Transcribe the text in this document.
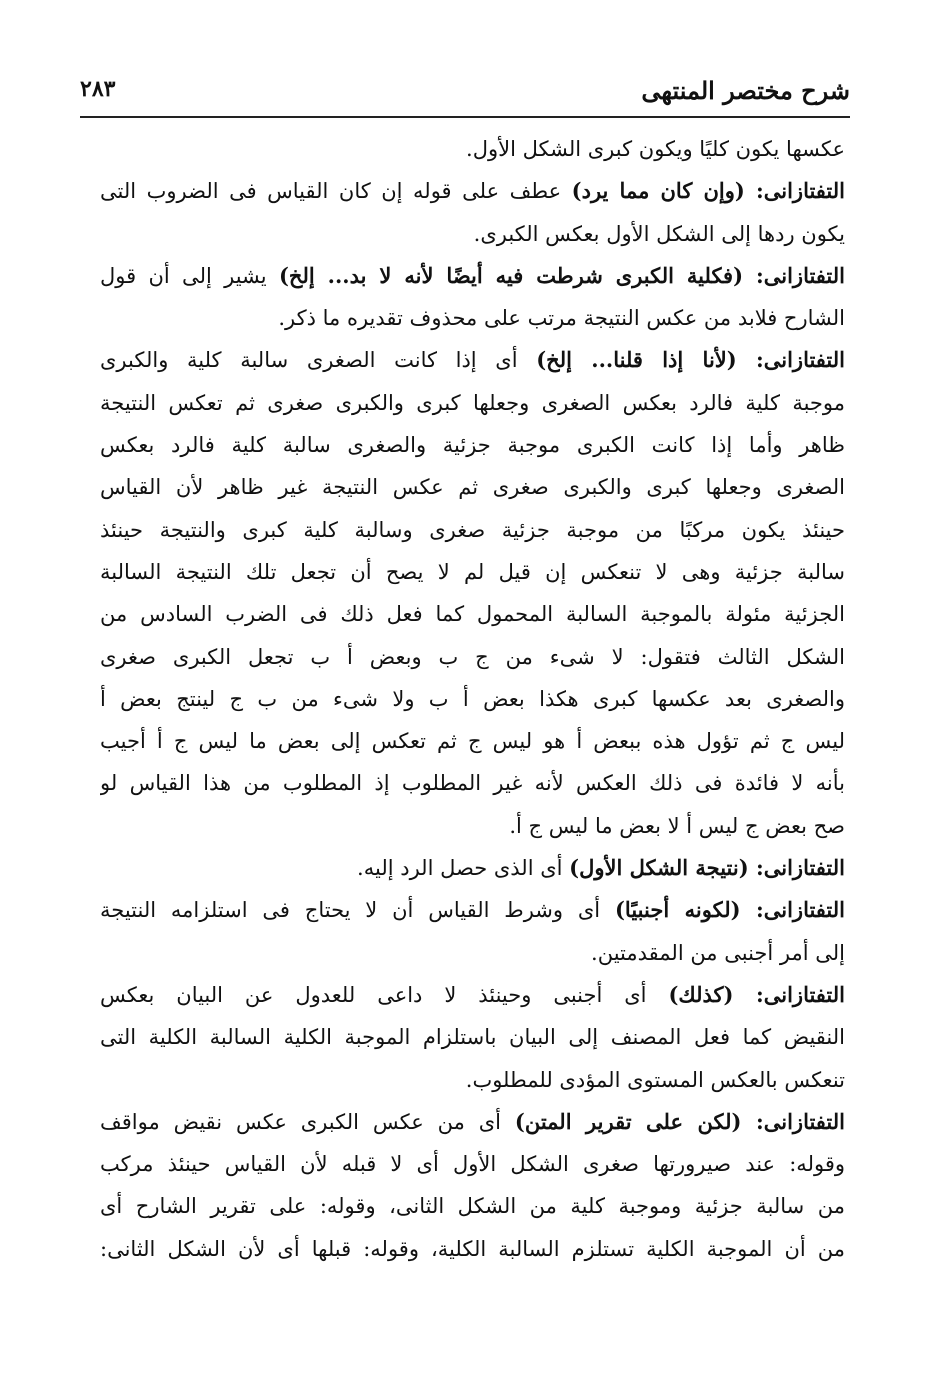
شرح مختصر المنتهى
٢٨٣
عكسها يكون كليًا ويكون كبرى الشكل الأول.
التفتازانى: (وإن كان مما يرد) عطف على قوله إن كان القياس فى الضروب التى
يكون ردها إلى الشكل الأول بعكس الكبرى.
التفتازانى: (فكلية الكبرى شرطت فيه أيضًا لأنه لا بد... إلخ) يشير إلى أن قول
الشارح فلابد من عكس النتيجة مرتب على محذوف تقديره ما ذكر.
التفتازانى: (لأنا إذا قلنا... إلخ) أى إذا كانت الصغرى سالبة كلية والكبرى
موجبة كلية فالرد بعكس الصغرى وجعلها كبرى والكبرى صغرى ثم تعكس النتيجة
ظاهر وأما إذا كانت الكبرى موجبة جزئية والصغرى سالبة كلية فالرد بعكس
الصغرى وجعلها كبرى والكبرى صغرى ثم عكس النتيجة غير ظاهر لأن القياس
حينئذ يكون مركبًا من موجبة جزئية صغرى وسالبة كلية كبرى والنتيجة حينئذ
سالبة جزئية وهى لا تنعكس إن قيل لم لا يصح أن تجعل تلك النتيجة السالبة
الجزئية مئولة بالموجبة السالبة المحمول كما فعل ذلك فى الضرب السادس من
الشكل الثالث فتقول: لا شىء من ج ب وبعض أ ب تجعل الكبرى صغرى
والصغرى بعد عكسها كبرى هكذا بعض أ ب ولا شىء من ب ج لينتج بعض أ
ليس ج ثم تؤول هذه ببعض أ هو ليس ج ثم تعكس إلى بعض ما ليس ج أ أجيب
بأنه لا فائدة فى ذلك العكس لأنه غير المطلوب إذ المطلوب من هذا القياس لو
صح بعض ج ليس أ لا بعض ما ليس ج أ.
التفتازانى: (نتيجة الشكل الأول) أى الذى حصل الرد إليه.
التفتازانى: (لكونه أجنبيًا) أى وشرط القياس أن لا يحتاج فى استلزامه النتيجة
إلى أمر أجنبى من المقدمتين.
التفتازانى: (كذلك) أى أجنبى وحينئذ لا داعى للعدول عن البيان بعكس
النقيض كما فعل المصنف إلى البيان باستلزام الموجبة الكلية السالبة الكلية التى
تنعكس بالعكس المستوى المؤدى للمطلوب.
التفتازانى: (لكن على تقرير المتن) أى من عكس الكبرى عكس نقيض مواقف
وقوله: عند صيرورتها صغرى الشكل الأول أى لا قبله لأن القياس حينئذ مركب
من سالبة جزئية وموجبة كلية من الشكل الثانى، وقوله: على تقرير الشارح أى
من أن الموجبة الكلية تستلزم السالبة الكلية، وقوله: قبلها أى لأن الشكل الثانى:
